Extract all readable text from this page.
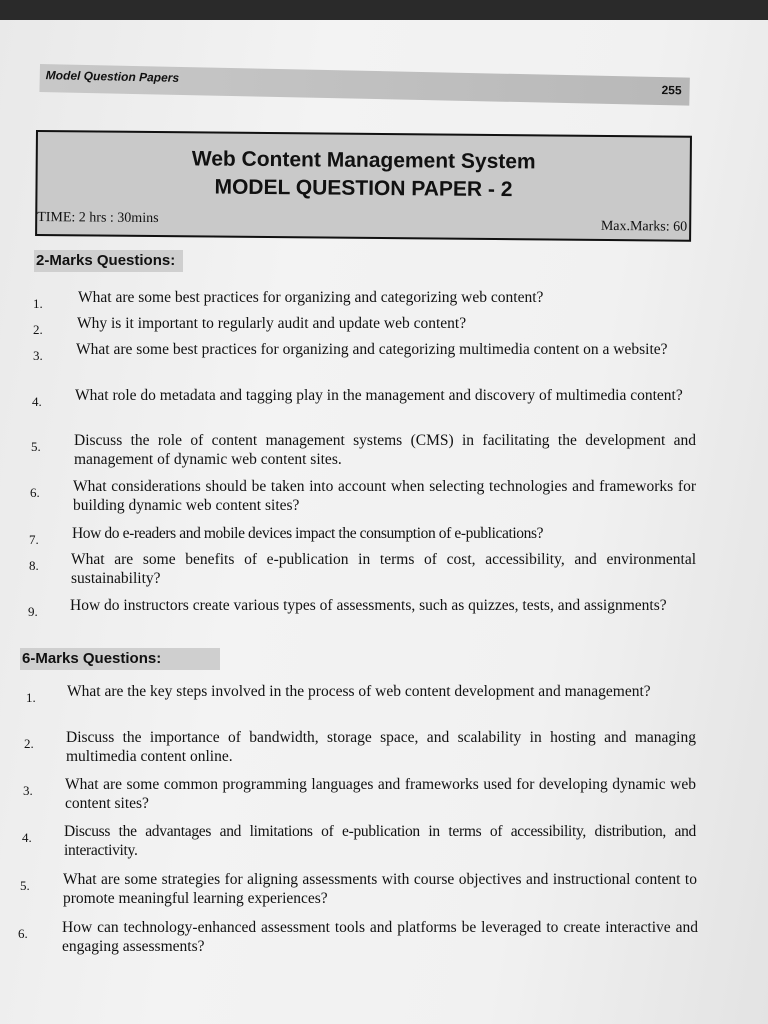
Model Question Papers
255
Web Content Management System
MODEL QUESTION PAPER - 2
TIME: 2 hrs : 30mins
Max.Marks: 60
2-Marks Questions:
1.	What are some best practices for organizing and categorizing web content?
2.	Why is it important to regularly audit and update web content?
3.	What are some best practices for organizing and categorizing multimedia content on a website?
4.	What role do metadata and tagging play in the management and discovery of multimedia content?
5.	Discuss the role of content management systems (CMS) in facilitating the development and management of dynamic web content sites.
6.	What considerations should be taken into account when selecting technologies and frameworks for building dynamic web content sites?
7.	How do e-readers and mobile devices impact the consumption of e-publications?
8.	What are some benefits of e-publication in terms of cost, accessibility, and environmental sustainability?
9.	How do instructors create various types of assessments, such as quizzes, tests, and assignments?
6-Marks Questions:
1.	What are the key steps involved in the process of web content development and management?
2.	Discuss the importance of bandwidth, storage space, and scalability in hosting and managing multimedia content online.
3.	What are some common programming languages and frameworks used for developing dynamic web content sites?
4.	Discuss the advantages and limitations of e-publication in terms of accessibility, distribution, and interactivity.
5.	What are some strategies for aligning assessments with course objectives and instructional content to promote meaningful learning experiences?
6.	How can technology-enhanced assessment tools and platforms be leveraged to create interactive and engaging assessments?
